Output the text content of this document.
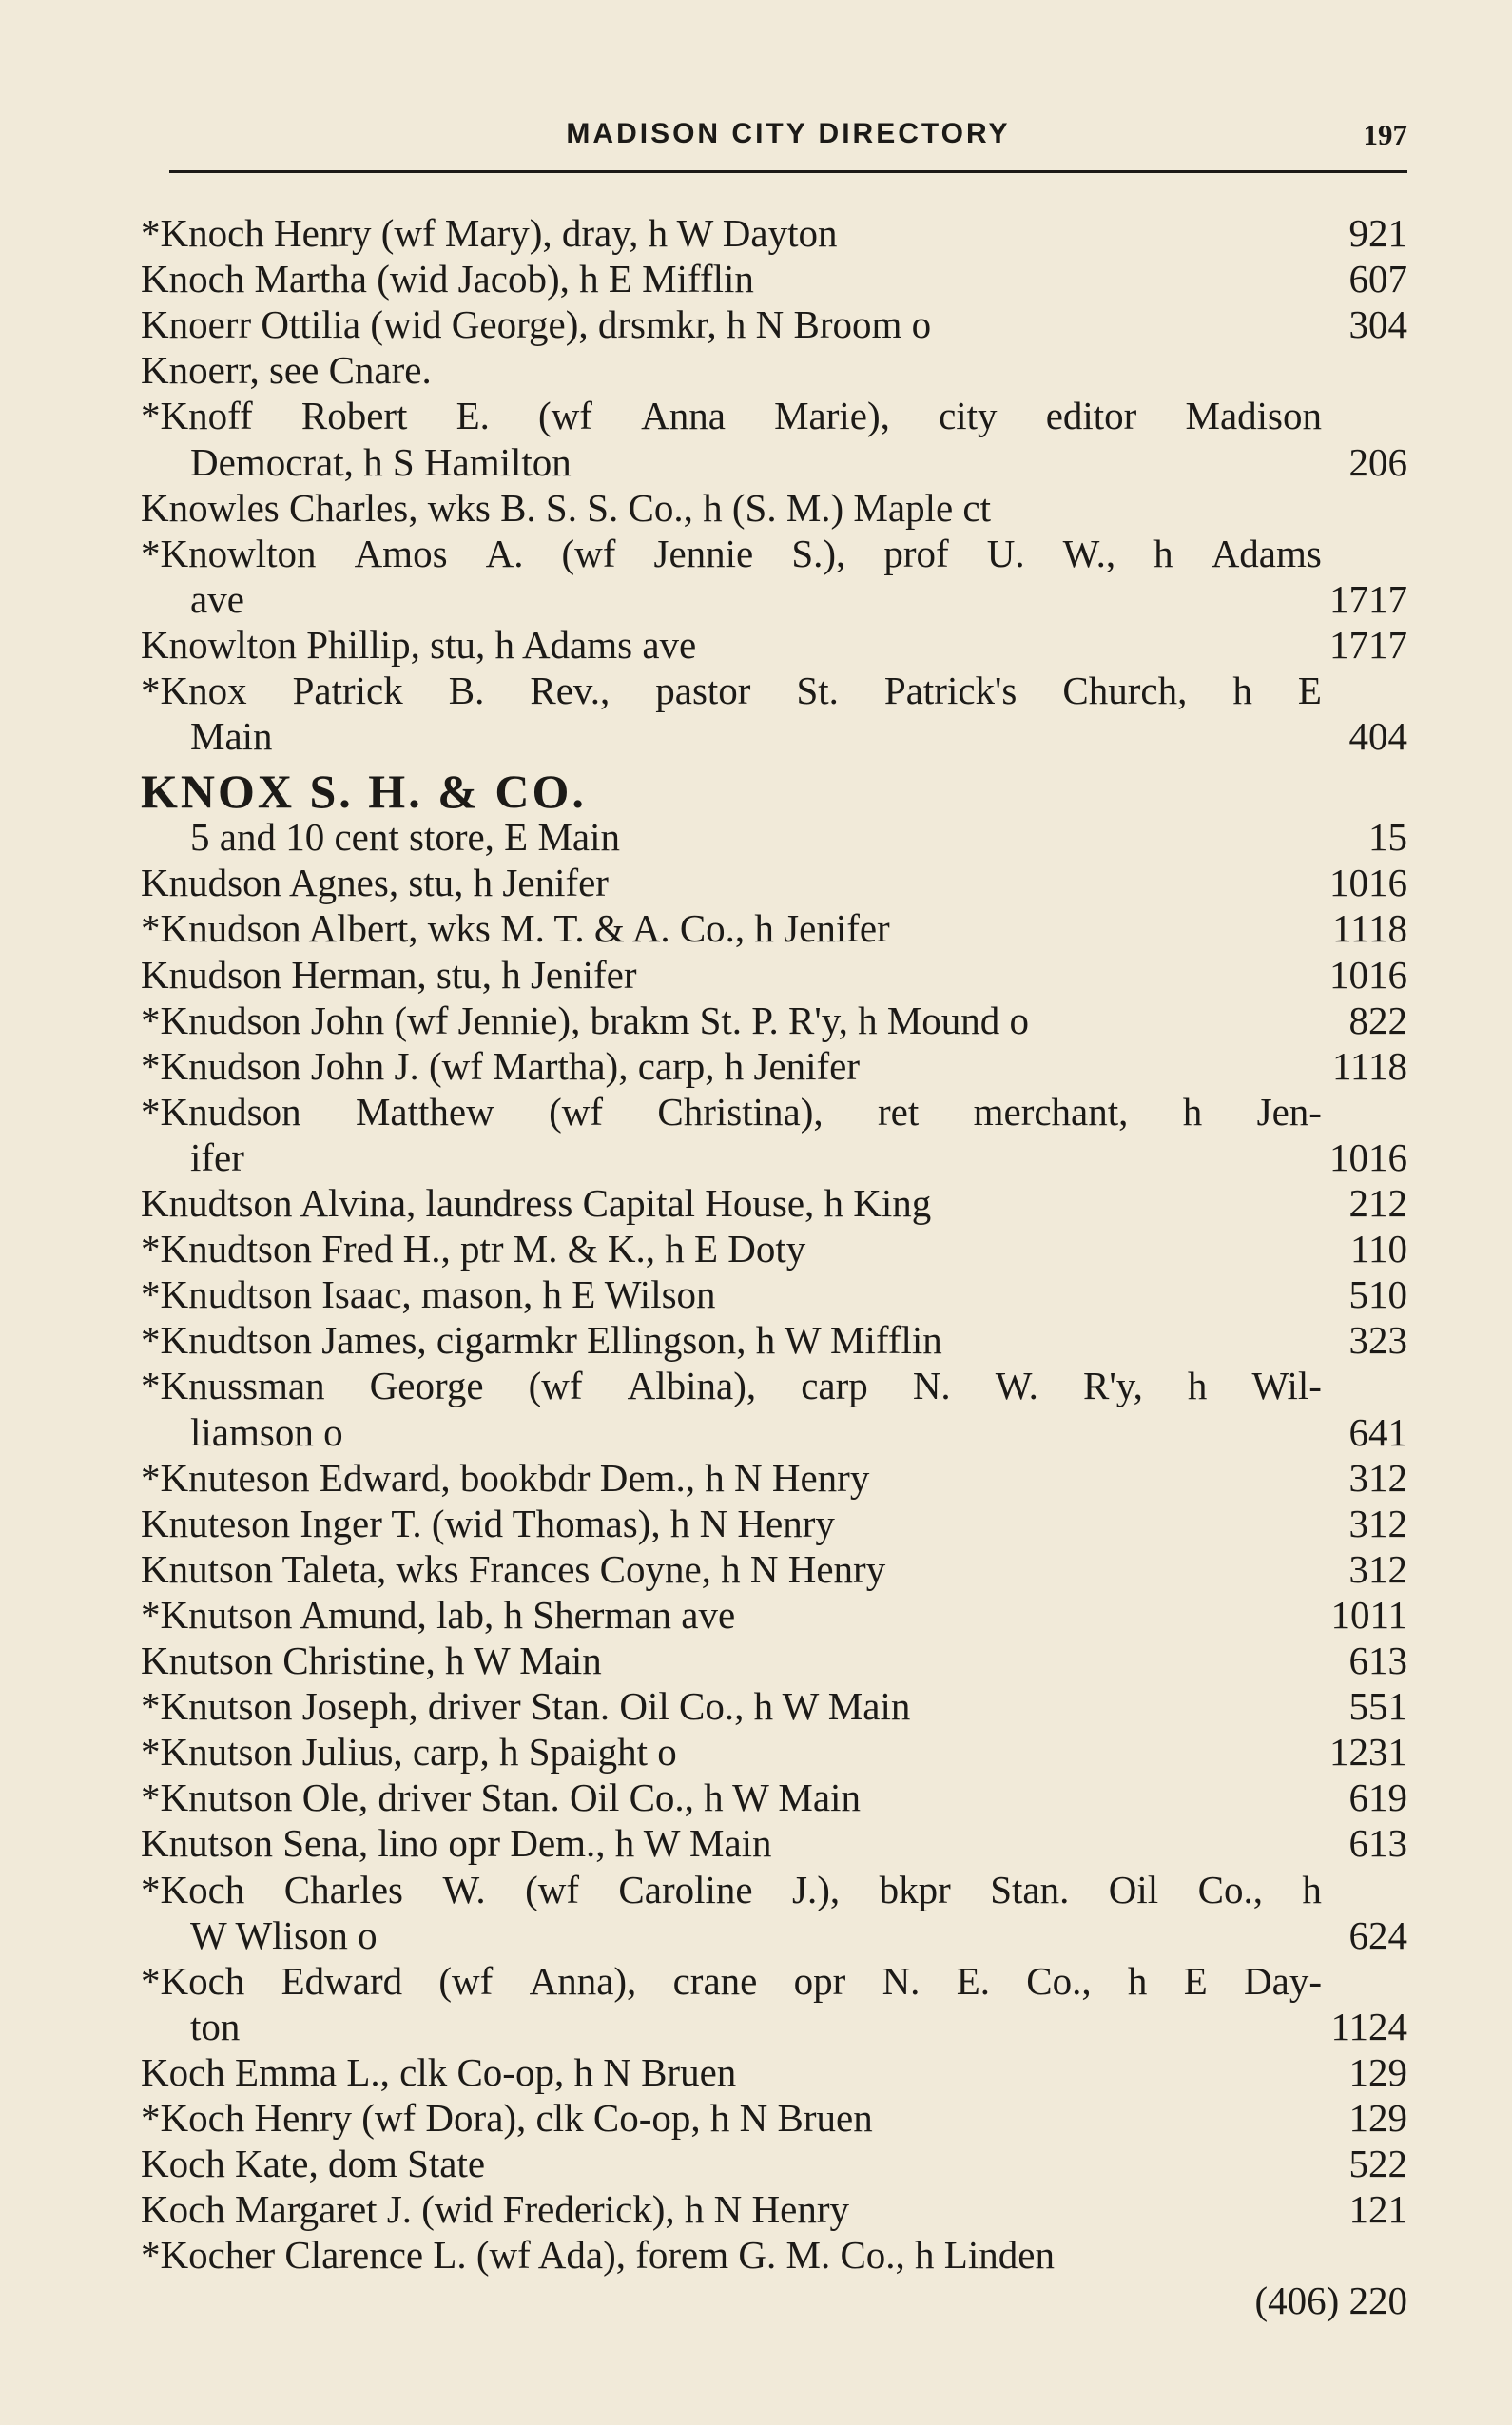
MADISON CITY DIRECTORY	197
*Knoch Henry (wf Mary), dray, h W Dayton	921
Knoch Martha (wid Jacob), h E Mifflin	607
Knoerr Ottilia (wid George), drsmkr, h N Broom o	304
Knoerr, see Cnare.
*Knoff Robert E. (wf Anna Marie), city editor Madison
Democrat, h S Hamilton	206
Knowles Charles, wks B. S. S. Co., h (S. M.) Maple ct
*Knowlton Amos A. (wf Jennie S.), prof U. W., h Adams
ave	1717
Knowlton Phillip, stu, h Adams ave	1717
*Knox Patrick B. Rev., pastor St. Patrick's Church, h E
Main	404
KNOX S. H. & CO.
5 and 10 cent store, E Main	15
Knudson Agnes, stu, h Jenifer	1016
*Knudson Albert, wks M. T. & A. Co., h Jenifer	1118
Knudson Herman, stu, h Jenifer	1016
*Knudson John (wf Jennie), brakm St. P. R'y, h Mound o	822
*Knudson John J. (wf Martha), carp, h Jenifer	1118
*Knudson Matthew (wf Christina), ret merchant, h Jen-
ifer	1016
Knudtson Alvina, laundress Capital House, h King	212
*Knudtson Fred H., ptr M. & K., h E Doty	110
*Knudtson Isaac, mason, h E Wilson	510
*Knudtson James, cigarmkr Ellingson, h W Mifflin	323
*Knussman George (wf Albina), carp N. W. R'y, h Wil-
liamson o	641
*Knuteson Edward, bookbdr Dem., h N Henry	312
Knuteson Inger T. (wid Thomas), h N Henry	312
Knutson Taleta, wks Frances Coyne, h N Henry	312
*Knutson Amund, lab, h Sherman ave	1011
Knutson Christine, h W Main	613
*Knutson Joseph, driver Stan. Oil Co., h W Main	551
*Knutson Julius, carp, h Spaight o	1231
*Knutson Ole, driver Stan. Oil Co., h W Main	619
Knutson Sena, lino opr Dem., h W Main	613
*Koch Charles W. (wf Caroline J.), bkpr Stan. Oil Co., h
W Wlison o	624
*Koch Edward (wf Anna), crane opr N. E. Co., h E Day-
ton	1124
Koch Emma L., clk Co-op, h N Bruen	129
*Koch Henry (wf Dora), clk Co-op, h N Bruen	129
Koch Kate, dom State	522
Koch Margaret J. (wid Frederick), h N Henry	121
*Kocher Clarence L. (wf Ada), forem G. M. Co., h Linden
(406) 220
